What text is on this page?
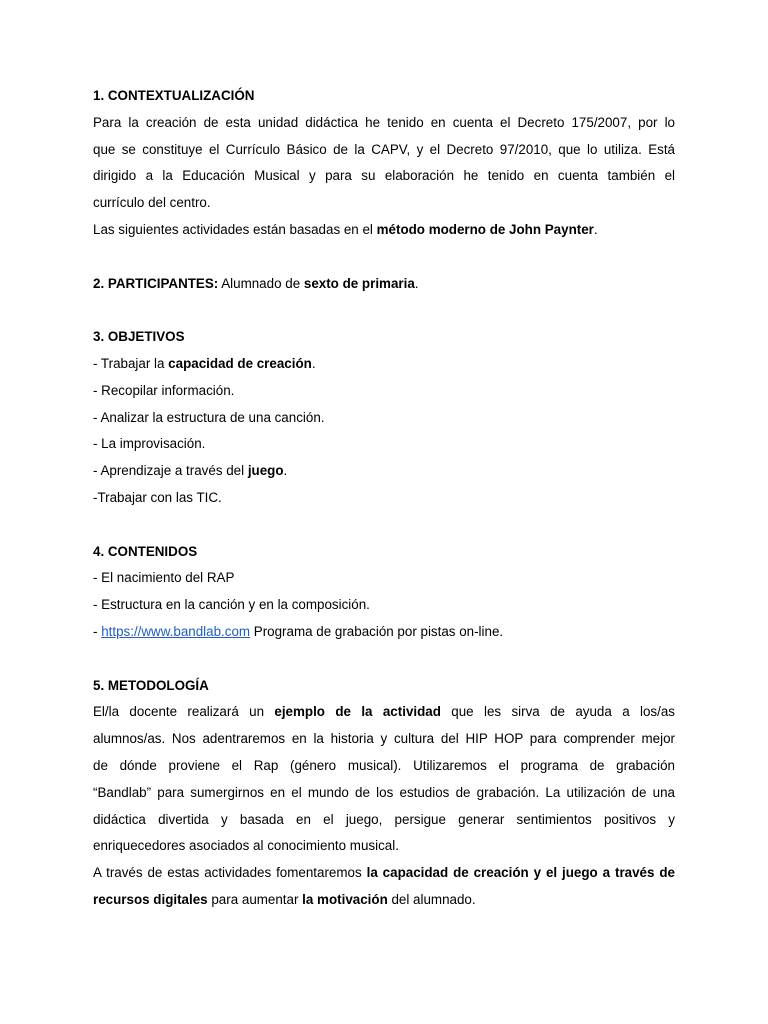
1. CONTEXTUALIZACIÓN

Para la creación de esta unidad didáctica he tenido en cuenta el Decreto 175/2007, por lo

que se constituye el Currículo Básico de la CAPV, y el Decreto 97/2010, que lo utiliza. Está

dirigido a la Educación Musical y para su elaboración he tenido en cuenta también el

currículo del centro.

Las siguientes actividades están basadas en el método moderno de John Paynter.

2. PARTICIPANTES: Alumnado de sexto de primaria.

3. OBJETIVOS

- Trabajar la capacidad de creación.

- Recopilar información.

- Analizar la estructura de una canción.

- La improvisación.

- Aprendizaje a través del juego.

-Trabajar con las TIC.

4. CONTENIDOS

- El nacimiento del RAP

- Estructura en la canción y en la composición.

- https://www.bandlab.com Programa de grabación por pistas on-line.

5. METODOLOGÍA

El/la docente realizará un ejemplo de la actividad que les sirva de ayuda a los/as

alumnos/as. Nos adentraremos en la historia y cultura del HIP HOP para comprender mejor

de dónde proviene el Rap (género musical). Utilizaremos el programa de grabación

“Bandlab” para sumergirnos en el mundo de los estudios de grabación. La utilización de una

didáctica divertida y basada en el juego, persigue generar sentimientos positivos y

enriquecedores asociados al conocimiento musical.

A través de estas actividades fomentaremos la capacidad de creación y el juego a través de

recursos digitales para aumentar la motivación del alumnado.
